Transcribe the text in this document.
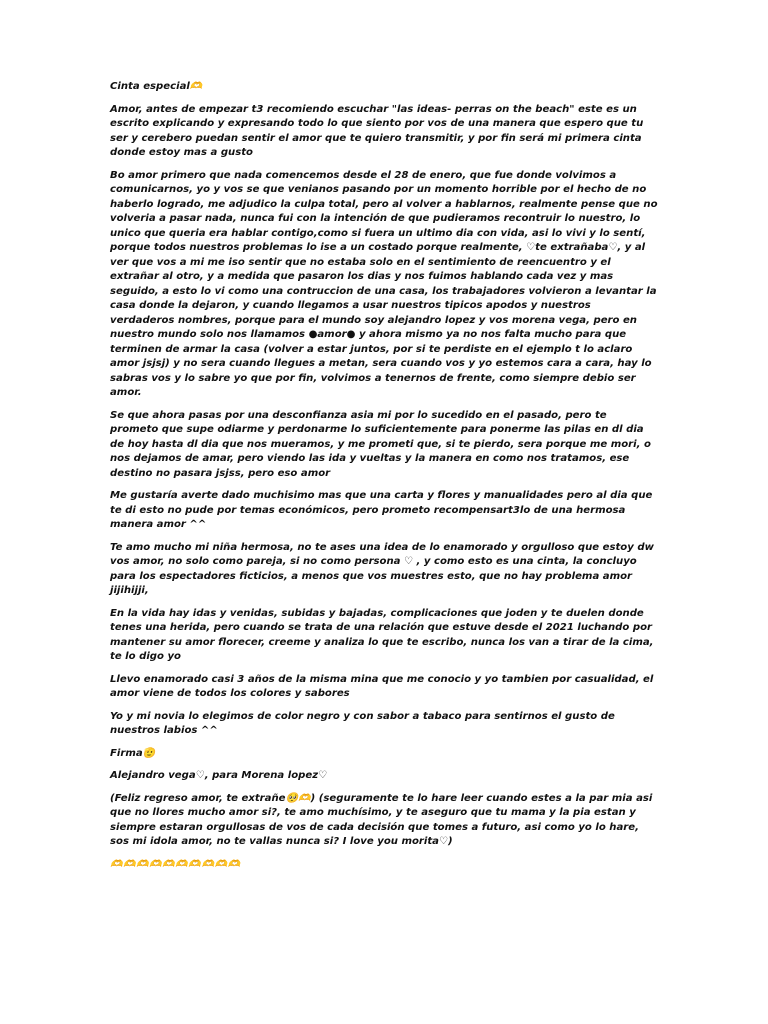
Cinta especial🫶️

Amor, antes de empezar t3 recomiendo escuchar "las ideas- perras on the beach" este es un escrito explicando y expresando todo lo que siento por vos de una manera que espero que tu ser y cerebero puedan sentir el amor que te quiero transmitir, y por fin será mi primera cinta donde estoy mas a gusto

Bo amor primero que nada comencemos desde el 28 de enero, que fue donde volvimos a comunicarnos, yo y vos se que venianos pasando por un momento horrible por el hecho de no haberlo logrado, me adjudico la culpa total, pero al volver a hablarnos, realmente pense que no volveria a pasar nada, nunca fui con la intención de que pudieramos recontruir lo nuestro, lo unico que queria era hablar contigo,como si fuera un ultimo dia con vida, asi lo vivi y lo sentí, porque todos nuestros problemas lo ise a un costado porque realmente, ♡te extrañaba♡, y al ver que vos a mi me iso sentir que no estaba solo en el sentimiento de reencuentro y el extrañar al otro, y a medida que pasaron los dias y nos fuimos hablando cada vez y mas seguido, a esto lo vi como una contruccion de una casa, los trabajadores volvieron a levantar la casa donde la dejaron, y cuando llegamos a usar nuestros tipicos apodos y nuestros verdaderos nombres, porque para el mundo soy alejandro lopez y vos morena vega, pero en nuestro mundo solo nos llamamos ●amor● y ahora mismo ya no nos falta mucho para que terminen de armar la casa (volver a estar juntos, por si te perdiste en el ejemplo t lo aclaro amor jsjsj) y no sera cuando llegues a metan, sera cuando vos y yo estemos cara a cara, hay lo sabras vos y lo sabre yo que por fin, volvimos a tenernos de frente, como siempre debio ser amor.

Se que ahora pasas por una desconfianza asia mi por lo sucedido en el pasado, pero te prometo que supe odiarme y perdonarme lo suficientemente para ponerme las pilas en dl dia de hoy hasta dl dia que nos mueramos, y me prometi que, si te pierdo, sera porque me mori, o nos dejamos de amar, pero viendo las ida y vueltas y la manera en como nos tratamos, ese destino no pasara jsjss, pero eso amor

Me gustaría averte dado muchisimo mas que una carta y flores y manualidades pero al dia que te di esto no pude por temas económicos, pero prometo recompensart3lo de una hermosa manera amor ^^

Te amo mucho mi niña hermosa, no te ases una idea de lo enamorado y orgulloso que estoy dw vos amor, no solo como pareja, si no como persona ♡ , y como esto es una cinta, la concluyo para los espectadores ficticios, a menos que vos muestres esto, que no hay problema amor jijihijji,

En la vida hay idas y venidas, subidas y bajadas, complicaciones que joden y te duelen donde tenes una herida, pero cuando se trata de una relación que estuve desde el 2021 luchando por mantener su amor florecer, creeme y analiza lo que te escribo, nunca los van a tirar de la cima, te lo digo yo

Llevo enamorado casi 3 años de la misma mina que me conocio y yo tambien por casualidad, el amor viene de todos los colores y sabores

Yo y mi novia lo elegimos de color negro y con sabor a tabaco para sentirnos el gusto de nuestros labios ^^

Firma🫡

Alejandro vega♡, para Morena lopez♡

(Feliz regreso amor, te extrañe🥺🫶) (seguramente te lo hare leer cuando estes a la par mia asi que no llores mucho amor si?, te amo muchísimo, y te aseguro que tu mama y la pia estan y siempre estaran orgullosas de vos de cada decisión que tomes a futuro, asi como yo lo hare, sos mi idola amor, no te vallas nunca si? I love you morita♡)

🫶🫶🫶🫶🫶🫶🫶🫶🫶🫶
